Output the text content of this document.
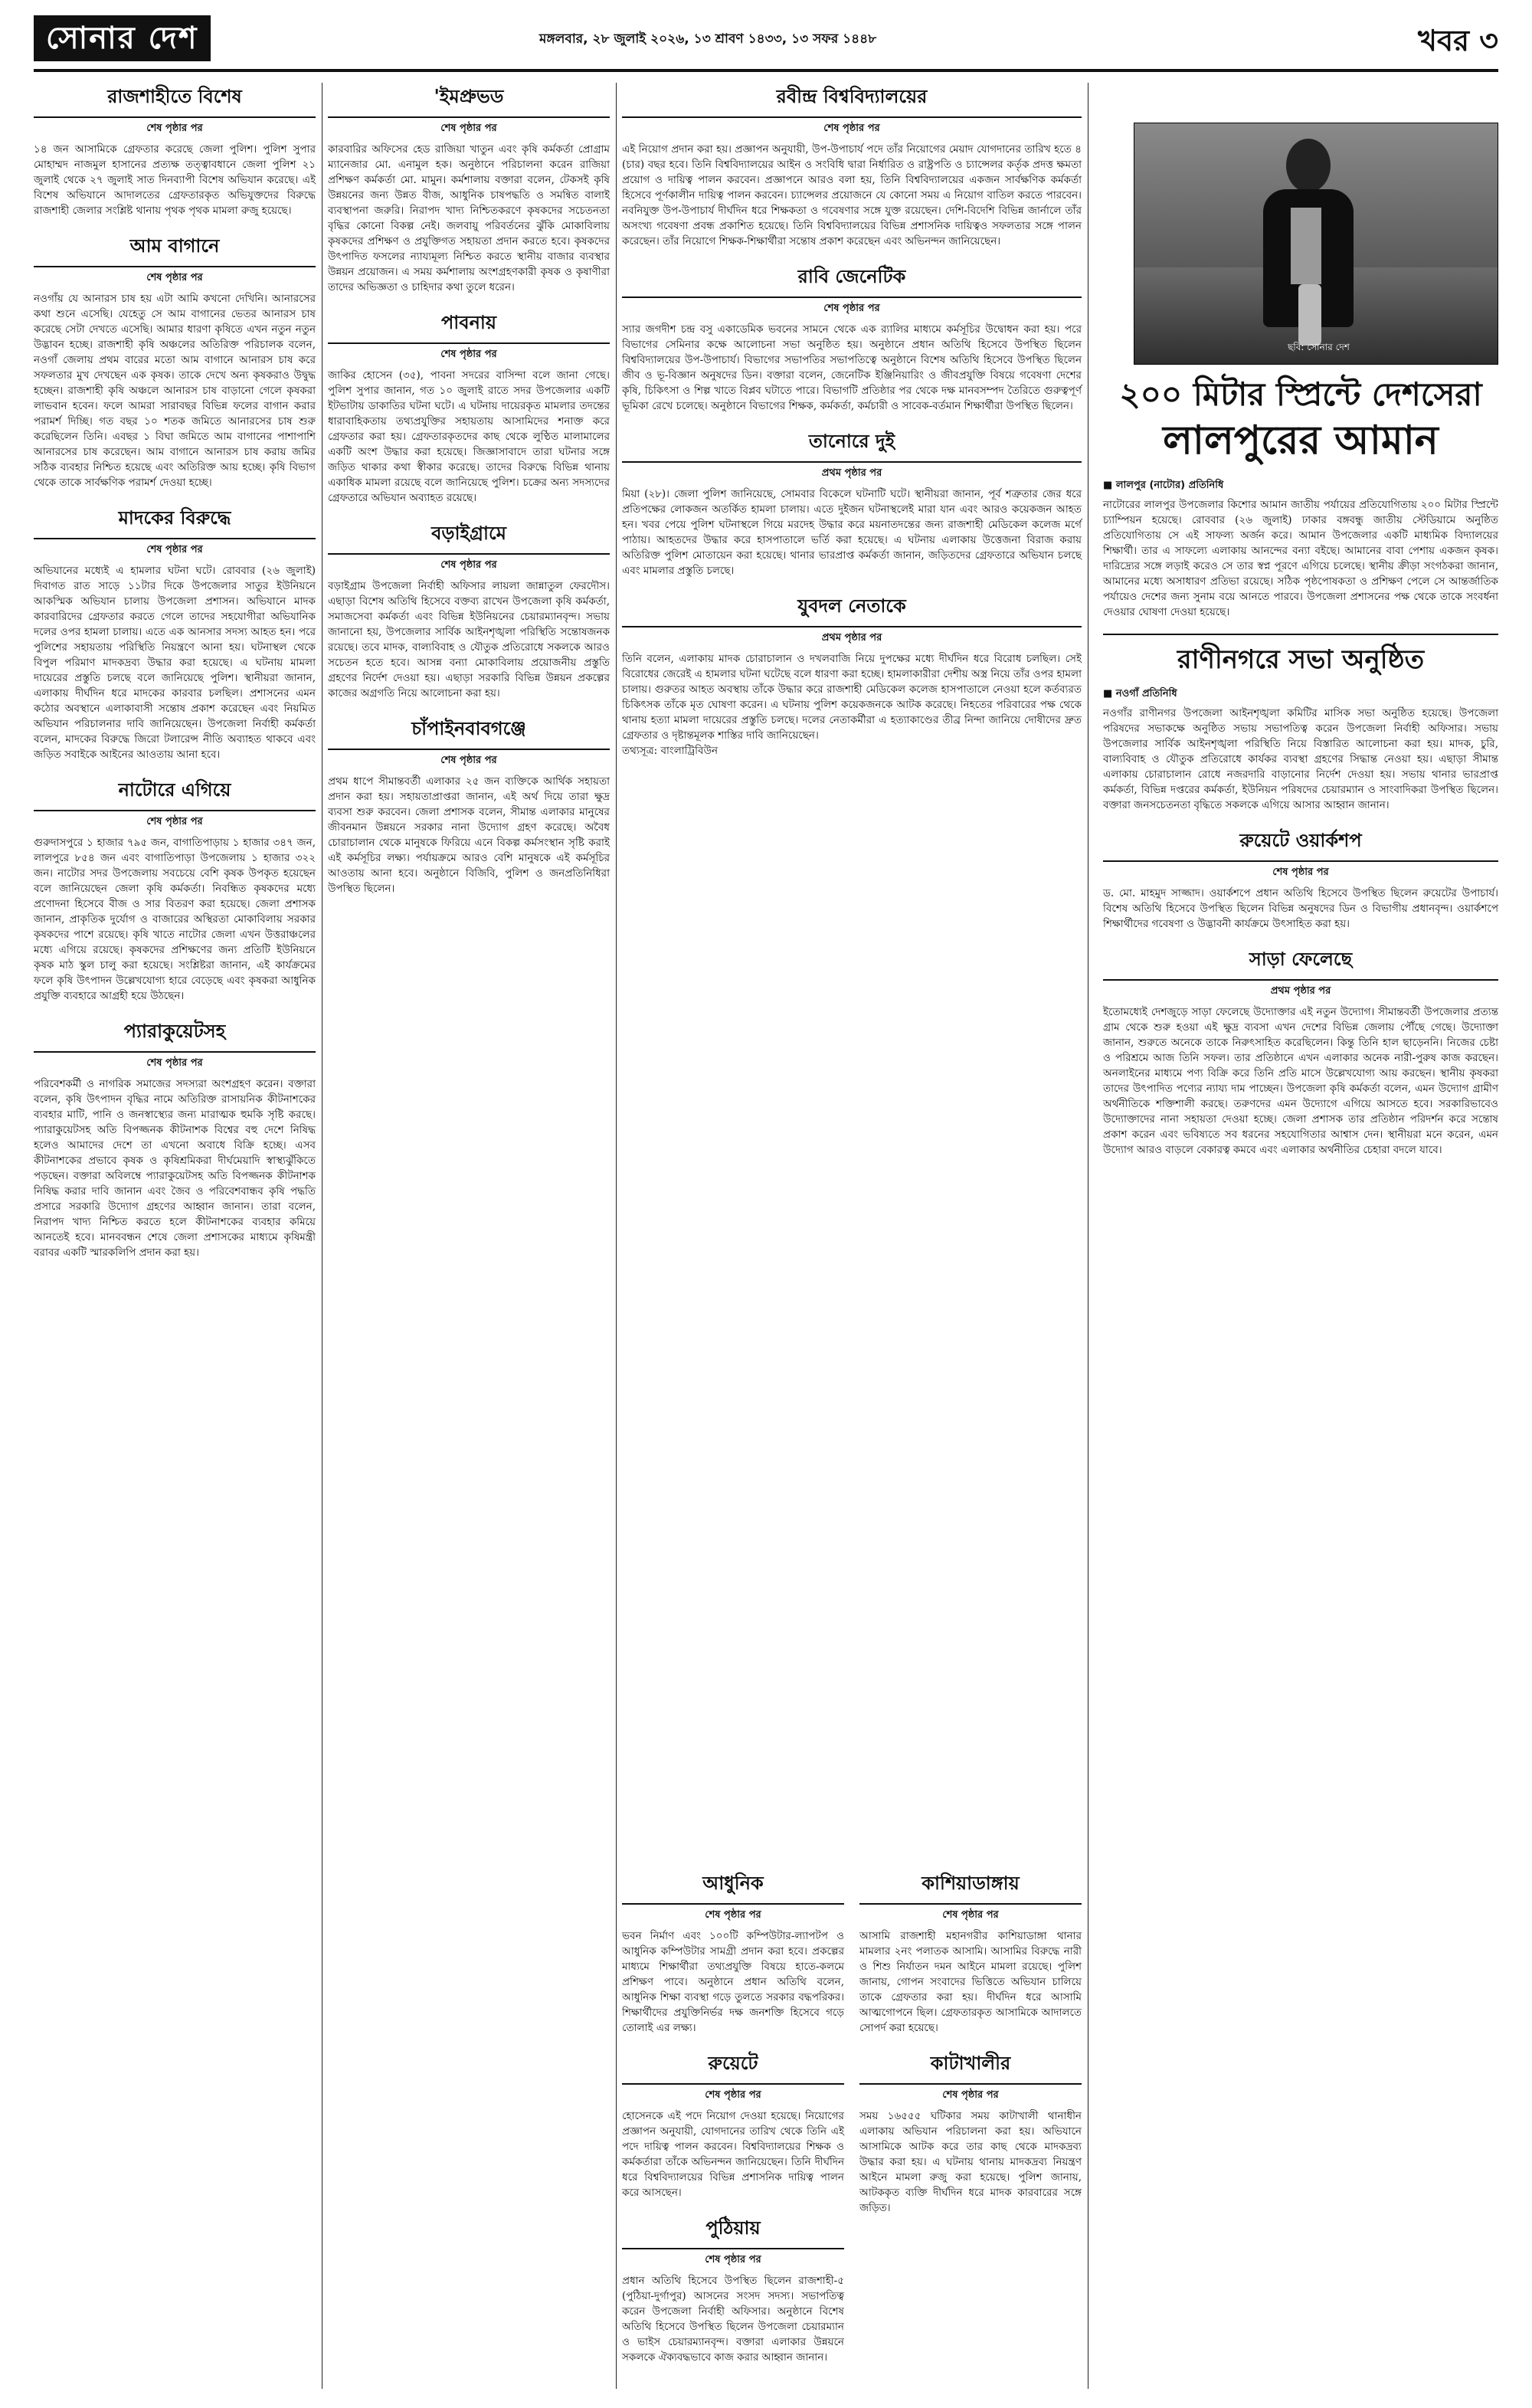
সোনার দেশ	মঙ্গলবার, ২৮ জুলাই ২০২৬, ১৩ শ্রাবণ ১৪৩৩, ১৩ সফর ১৪৪৮	খবর ৩
রাজশাহীতে বিশেষ
শেষ পৃষ্ঠার পর
১৪ জন আসামিকে গ্রেফতার করেছে জেলা পুলিশ। পুলিশ সুপার মোহাম্মদ নাজমুল হাসানের প্রত্যক্ষ তত্ত্বাবধানে জেলা পুলিশ ২১ জুলাই থেকে ২৭ জুলাই সাত দিনব্যাপী বিশেষ অভিযান করেছে। এই বিশেষ অভিযানে আদালতের গ্রেফতারকৃত অভিযুক্তদের বিরুদ্ধে রাজশাহী জেলার সংশ্লিষ্ট থানায় পৃথক পৃথক মামলা রুজু হয়েছে।
আম বাগানে
শেষ পৃষ্ঠার পর
নওগাঁয় যে আনারস চাষ হয় এটা আমি কখনো দেখিনি। আনারসের কথা শুনে এসেছি। যেহেতু সে আম বাগানের ভেতর আনারস চাষ করেছে সেটা দেখতে এসেছি। আমার ধারণা কৃষিতে এখন নতুন নতুন উদ্ভাবন হচ্ছে। রাজশাহী কৃষি অঞ্চলের অতিরিক্ত পরিচালক বলেন, নওগাঁ জেলায় প্রথম বারের মতো আম বাগানে আনারস চাষ করে সফলতার মুখ দেখছেন এক কৃষক। তাকে দেখে অন্য কৃষকরাও উদ্বুদ্ধ হচ্ছেন। রাজশাহী কৃষি অঞ্চলে আনারস চাষ বাড়ানো গেলে কৃষকরা লাভবান হবেন। ফলে আমরা সারাবছর বিভিন্ন ফলের বাগান করার পরামর্শ দিচ্ছি। গত বছর ১০ শতক জমিতে আনারসের চাষ শুরু করেছিলেন তিনি। এবছর ১ বিঘা জমিতে আম বাগানের পাশাপাশি আনারসের চাষ করেছেন। আম বাগানে আনারস চাষ করায় জমির সঠিক ব্যবহার নিশ্চিত হয়েছে এবং অতিরিক্ত আয় হচ্ছে। কৃষি বিভাগ থেকে তাকে সার্বক্ষণিক পরামর্শ দেওয়া হচ্ছে।
মাদকের বিরুদ্ধে
শেষ পৃষ্ঠার পর
অভিযানের মধ্যেই এ হামলার ঘটনা ঘটে। রোববার (২৬ জুলাই) দিবাগত রাত সাড়ে ১১টার দিকে উপজেলার সাতুর ইউনিয়নে আকস্মিক অভিযান চালায় উপজেলা প্রশাসন। অভিযানে মাদক কারবারিদের গ্রেফতার করতে গেলে তাদের সহযোগীরা অভিযানিক দলের ওপর হামলা চালায়। এতে এক আনসার সদস্য আহত হন। পরে পুলিশের সহায়তায় পরিস্থিতি নিয়ন্ত্রণে আনা হয়। ঘটনাস্থল থেকে বিপুল পরিমাণ মাদকদ্রব্য উদ্ধার করা হয়েছে। এ ঘটনায় মামলা দায়েরের প্রস্তুতি চলছে বলে জানিয়েছে পুলিশ। স্থানীয়রা জানান, এলাকায় দীর্ঘদিন ধরে মাদকের কারবার চলছিল। প্রশাসনের এমন কঠোর অবস্থানে এলাকাবাসী সন্তোষ প্রকাশ করেছেন এবং নিয়মিত অভিযান পরিচালনার দাবি জানিয়েছেন। উপজেলা নির্বাহী কর্মকর্তা বলেন, মাদকের বিরুদ্ধে জিরো টলারেন্স নীতি অব্যাহত থাকবে এবং জড়িত সবাইকে আইনের আওতায় আনা হবে।
নাটোরে এগিয়ে
শেষ পৃষ্ঠার পর
গুরুদাসপুরে ১ হাজার ৭৯৫ জন, বাগাতিপাড়ায় ১ হাজার ৩৪৭ জন, লালপুরে ৮৫৪ জন এবং বাগাতিপাড়া উপজেলায় ১ হাজার ৩২২ জন। নাটোর সদর উপজেলায় সবচেয়ে বেশি কৃষক উপকৃত হয়েছেন বলে জানিয়েছেন জেলা কৃষি কর্মকর্তা। নিবন্ধিত কৃষকদের মধ্যে প্রণোদনা হিসেবে বীজ ও সার বিতরণ করা হয়েছে। জেলা প্রশাসক জানান, প্রাকৃতিক দুর্যোগ ও বাজারের অস্থিরতা মোকাবিলায় সরকার কৃষকদের পাশে রয়েছে। কৃষি খাতে নাটোর জেলা এখন উত্তরাঞ্চলের মধ্যে এগিয়ে রয়েছে। কৃষকদের প্রশিক্ষণের জন্য প্রতিটি ইউনিয়নে কৃষক মাঠ স্কুল চালু করা হয়েছে। সংশ্লিষ্টরা জানান, এই কার্যক্রমের ফলে কৃষি উৎপাদন উল্লেখযোগ্য হারে বেড়েছে এবং কৃষকরা আধুনিক প্রযুক্তি ব্যবহারে আগ্রহী হয়ে উঠছেন।
প্যারাকুয়েটসহ
শেষ পৃষ্ঠার পর
পরিবেশকর্মী ও নাগরিক সমাজের সদস্যরা অংশগ্রহণ করেন। বক্তারা বলেন, কৃষি উৎপাদন বৃদ্ধির নামে অতিরিক্ত রাসায়নিক কীটনাশকের ব্যবহার মাটি, পানি ও জনস্বাস্থ্যের জন্য মারাত্মক হুমকি সৃষ্টি করছে। প্যারাকুয়েটসহ অতি বিপজ্জনক কীটনাশক বিশ্বের বহু দেশে নিষিদ্ধ হলেও আমাদের দেশে তা এখনো অবাধে বিক্রি হচ্ছে। এসব কীটনাশকের প্রভাবে কৃষক ও কৃষিশ্রমিকরা দীর্ঘমেয়াদি স্বাস্থ্যঝুঁকিতে পড়ছেন। বক্তারা অবিলম্বে প্যারাকুয়েটসহ অতি বিপজ্জনক কীটনাশক নিষিদ্ধ করার দাবি জানান এবং জৈব ও পরিবেশবান্ধব কৃষি পদ্ধতি প্রসারে সরকারি উদ্যোগ গ্রহণের আহ্বান জানান। তারা বলেন, নিরাপদ খাদ্য নিশ্চিত করতে হলে কীটনাশকের ব্যবহার কমিয়ে আনতেই হবে। মানববন্ধন শেষে জেলা প্রশাসকের মাধ্যমে কৃষিমন্ত্রী বরাবর একটি স্মারকলিপি প্রদান করা হয়।
'ইমপ্রুভড
শেষ পৃষ্ঠার পর
কারবারির অফিসের হেড রাজিয়া খাতুন এবং কৃষি কর্মকর্তা প্রোগ্রাম ম্যানেজার মো. এনামুল হক। অনুষ্ঠানে পরিচালনা করেন রাজিয়া প্রশিক্ষণ কর্মকর্তা মো. মামুন। কর্মশালায় বক্তারা বলেন, টেকসই কৃষি উন্নয়নের জন্য উন্নত বীজ, আধুনিক চাষপদ্ধতি ও সমন্বিত বালাই ব্যবস্থাপনা জরুরি। নিরাপদ খাদ্য নিশ্চিতকরণে কৃষকদের সচেতনতা বৃদ্ধির কোনো বিকল্প নেই। জলবায়ু পরিবর্তনের ঝুঁকি মোকাবিলায় কৃষকদের প্রশিক্ষণ ও প্রযুক্তিগত সহায়তা প্রদান করতে হবে। কৃষকদের উৎপাদিত ফসলের ন্যায্যমূল্য নিশ্চিত করতে স্থানীয় বাজার ব্যবস্থার উন্নয়ন প্রয়োজন। এ সময় কর্মশালায় অংশগ্রহণকারী কৃষক ও কৃষাণীরা তাদের অভিজ্ঞতা ও চাহিদার কথা তুলে ধরেন।
পাবনায়
শেষ পৃষ্ঠার পর
জাকির হোসেন (৩৫), পাবনা সদরের বাসিন্দা বলে জানা গেছে। পুলিশ সুপার জানান, গত ১০ জুলাই রাতে সদর উপজেলার একটি ইটভাটায় ডাকাতির ঘটনা ঘটে। এ ঘটনায় দায়েরকৃত মামলার তদন্তের ধারাবাহিকতায় তথ্যপ্রযুক্তির সহায়তায় আসামিদের শনাক্ত করে গ্রেফতার করা হয়। গ্রেফতারকৃতদের কাছ থেকে লুণ্ঠিত মালামালের একটি অংশ উদ্ধার করা হয়েছে। জিজ্ঞাসাবাদে তারা ঘটনার সঙ্গে জড়িত থাকার কথা স্বীকার করেছে। তাদের বিরুদ্ধে বিভিন্ন থানায় একাধিক মামলা রয়েছে বলে জানিয়েছে পুলিশ। চক্রের অন্য সদস্যদের গ্রেফতারে অভিযান অব্যাহত রয়েছে।
বড়াইগ্রামে
শেষ পৃষ্ঠার পর
বড়াইগ্রাম উপজেলা নির্বাহী অফিসার লায়লা জান্নাতুল ফেরদৌস। এছাড়া বিশেষ অতিথি হিসেবে বক্তব্য রাখেন উপজেলা কৃষি কর্মকর্তা, সমাজসেবা কর্মকর্তা এবং বিভিন্ন ইউনিয়নের চেয়ারম্যানবৃন্দ। সভায় জানানো হয়, উপজেলার সার্বিক আইনশৃঙ্খলা পরিস্থিতি সন্তোষজনক রয়েছে। তবে মাদক, বাল্যবিবাহ ও যৌতুক প্রতিরোধে সকলকে আরও সচেতন হতে হবে। আসন্ন বন্যা মোকাবিলায় প্রয়োজনীয় প্রস্তুতি গ্রহণের নির্দেশ দেওয়া হয়। এছাড়া সরকারি বিভিন্ন উন্নয়ন প্রকল্পের কাজের অগ্রগতি নিয়ে আলোচনা করা হয়।
চাঁপাইনবাবগঞ্জে
শেষ পৃষ্ঠার পর
প্রথম ধাপে সীমান্তবর্তী এলাকার ২৫ জন ব্যক্তিকে আর্থিক সহায়তা প্রদান করা হয়। সহায়তাপ্রাপ্তরা জানান, এই অর্থ দিয়ে তারা ক্ষুদ্র ব্যবসা শুরু করবেন। জেলা প্রশাসক বলেন, সীমান্ত এলাকার মানুষের জীবনমান উন্নয়নে সরকার নানা উদ্যোগ গ্রহণ করেছে। অবৈধ চোরাচালান থেকে মানুষকে ফিরিয়ে এনে বিকল্প কর্মসংস্থান সৃষ্টি করাই এই কর্মসূচির লক্ষ্য। পর্যায়ক্রমে আরও বেশি মানুষকে এই কর্মসূচির আওতায় আনা হবে। অনুষ্ঠানে বিজিবি, পুলিশ ও জনপ্রতিনিধিরা উপস্থিত ছিলেন।
রবীন্দ্র বিশ্ববিদ্যালয়ের
শেষ পৃষ্ঠার পর
এই নিয়োগ প্রদান করা হয়। প্রজ্ঞাপন অনুযায়ী, উপ-উপাচার্য পদে তাঁর নিয়োগের মেয়াদ যোগদানের তারিখ হতে ৪ (চার) বছর হবে। তিনি বিশ্ববিদ্যালয়ের আইন ও সংবিধি দ্বারা নির্ধারিত ও রাষ্ট্রপতি ও চ্যান্সেলর কর্তৃক প্রদত্ত ক্ষমতা প্রয়োগ ও দায়িত্ব পালন করবেন। প্রজ্ঞাপনে আরও বলা হয়, তিনি বিশ্ববিদ্যালয়ের একজন সার্বক্ষণিক কর্মকর্তা হিসেবে পূর্ণকালীন দায়িত্ব পালন করবেন। চ্যান্সেলর প্রয়োজনে যে কোনো সময় এ নিয়োগ বাতিল করতে পারবেন। নবনিযুক্ত উপ-উপাচার্য দীর্ঘদিন ধরে শিক্ষকতা ও গবেষণার সঙ্গে যুক্ত রয়েছেন। দেশি-বিদেশি বিভিন্ন জার্নালে তাঁর অসংখ্য গবেষণা প্রবন্ধ প্রকাশিত হয়েছে। তিনি বিশ্ববিদ্যালয়ের বিভিন্ন প্রশাসনিক দায়িত্বও সফলতার সঙ্গে পালন করেছেন। তাঁর নিয়োগে শিক্ষক-শিক্ষার্থীরা সন্তোষ প্রকাশ করেছেন এবং অভিনন্দন জানিয়েছেন।
রাবি জেনেটিক
শেষ পৃষ্ঠার পর
স্যার জগদীশ চন্দ্র বসু একাডেমিক ভবনের সামনে থেকে এক র‌্যালির মাধ্যমে কর্মসূচির উদ্বোধন করা হয়। পরে বিভাগের সেমিনার কক্ষে আলোচনা সভা অনুষ্ঠিত হয়। অনুষ্ঠানে প্রধান অতিথি হিসেবে উপস্থিত ছিলেন বিশ্ববিদ্যালয়ের উপ-উপাচার্য। বিভাগের সভাপতির সভাপতিত্বে অনুষ্ঠানে বিশেষ অতিথি হিসেবে উপস্থিত ছিলেন জীব ও ভূ-বিজ্ঞান অনুষদের ডিন। বক্তারা বলেন, জেনেটিক ইঞ্জিনিয়ারিং ও জীবপ্রযুক্তি বিষয়ে গবেষণা দেশের কৃষি, চিকিৎসা ও শিল্প খাতে বিপ্লব ঘটাতে পারে। বিভাগটি প্রতিষ্ঠার পর থেকে দক্ষ মানবসম্পদ তৈরিতে গুরুত্বপূর্ণ ভূমিকা রেখে চলেছে। অনুষ্ঠানে বিভাগের শিক্ষক, কর্মকর্তা, কর্মচারী ও সাবেক-বর্তমান শিক্ষার্থীরা উপস্থিত ছিলেন।
তানোরে দুই
প্রথম পৃষ্ঠার পর
মিয়া (২৮)। জেলা পুলিশ জানিয়েছে, সোমবার বিকেলে ঘটনাটি ঘটে। স্থানীয়রা জানান, পূর্ব শত্রুতার জের ধরে প্রতিপক্ষের লোকজন অতর্কিত হামলা চালায়। এতে দুইজন ঘটনাস্থলেই মারা যান এবং আরও কয়েকজন আহত হন। খবর পেয়ে পুলিশ ঘটনাস্থলে গিয়ে মরদেহ উদ্ধার করে ময়নাতদন্তের জন্য রাজশাহী মেডিকেল কলেজ মর্গে পাঠায়। আহতদের উদ্ধার করে হাসপাতালে ভর্তি করা হয়েছে। এ ঘটনায় এলাকায় উত্তেজনা বিরাজ করায় অতিরিক্ত পুলিশ মোতায়েন করা হয়েছে। থানার ভারপ্রাপ্ত কর্মকর্তা জানান, জড়িতদের গ্রেফতারে অভিযান চলছে এবং মামলার প্রস্তুতি চলছে।
যুবদল নেতাকে
প্রথম পৃষ্ঠার পর
তিনি বলেন, এলাকায় মাদক চোরাচালান ও দখলবাজি নিয়ে দুপক্ষের মধ্যে দীর্ঘদিন ধরে বিরোধ চলছিল। সেই বিরোধের জেরেই এ হামলার ঘটনা ঘটেছে বলে ধারণা করা হচ্ছে। হামলাকারীরা দেশীয় অস্ত্র নিয়ে তাঁর ওপর হামলা চালায়। গুরুতর আহত অবস্থায় তাঁকে উদ্ধার করে রাজশাহী মেডিকেল কলেজ হাসপাতালে নেওয়া হলে কর্তব্যরত চিকিৎসক তাঁকে মৃত ঘোষণা করেন। এ ঘটনায় পুলিশ কয়েকজনকে আটক করেছে। নিহতের পরিবারের পক্ষ থেকে থানায় হত্যা মামলা দায়েরের প্রস্তুতি চলছে। দলের নেতাকর্মীরা এ হত্যাকাণ্ডের তীব্র নিন্দা জানিয়ে দোষীদের দ্রুত গ্রেফতার ও দৃষ্টান্তমূলক শাস্তির দাবি জানিয়েছেন।
তথ্যসূত্র: বাংলাট্রিবিউন
ছবি: সোনার দেশ
২০০ মিটার স্প্রিন্টে দেশসেরা
লালপুরের আমান
■ লালপুর (নাটোর) প্রতিনিধি
নাটোরের লালপুর উপজেলার কিশোর আমান জাতীয় পর্যায়ের প্রতিযোগিতায় ২০০ মিটার স্প্রিন্টে চ্যাম্পিয়ন হয়েছে। রোববার (২৬ জুলাই) ঢাকার বঙ্গবন্ধু জাতীয় স্টেডিয়ামে অনুষ্ঠিত প্রতিযোগিতায় সে এই সাফল্য অর্জন করে। আমান উপজেলার একটি মাধ্যমিক বিদ্যালয়ের শিক্ষার্থী। তার এ সাফল্যে এলাকায় আনন্দের বন্যা বইছে। আমানের বাবা পেশায় একজন কৃষক। দারিদ্র্যের সঙ্গে লড়াই করেও সে তার স্বপ্ন পূরণে এগিয়ে চলেছে। স্থানীয় ক্রীড়া সংগঠকরা জানান, আমানের মধ্যে অসাধারণ প্রতিভা রয়েছে। সঠিক পৃষ্ঠপোষকতা ও প্রশিক্ষণ পেলে সে আন্তর্জাতিক পর্যায়েও দেশের জন্য সুনাম বয়ে আনতে পারবে। উপজেলা প্রশাসনের পক্ষ থেকে তাকে সংবর্ধনা দেওয়ার ঘোষণা দেওয়া হয়েছে।
রাণীনগরে সভা অনুষ্ঠিত
■ নওগাঁ প্রতিনিধি
নওগাঁর রাণীনগর উপজেলা আইনশৃঙ্খলা কমিটির মাসিক সভা অনুষ্ঠিত হয়েছে। উপজেলা পরিষদের সভাকক্ষে অনুষ্ঠিত সভায় সভাপতিত্ব করেন উপজেলা নির্বাহী অফিসার। সভায় উপজেলার সার্বিক আইনশৃঙ্খলা পরিস্থিতি নিয়ে বিস্তারিত আলোচনা করা হয়। মাদক, চুরি, বাল্যবিবাহ ও যৌতুক প্রতিরোধে কার্যকর ব্যবস্থা গ্রহণের সিদ্ধান্ত নেওয়া হয়। এছাড়া সীমান্ত এলাকায় চোরাচালান রোধে নজরদারি বাড়ানোর নির্দেশ দেওয়া হয়। সভায় থানার ভারপ্রাপ্ত কর্মকর্তা, বিভিন্ন দপ্তরের কর্মকর্তা, ইউনিয়ন পরিষদের চেয়ারম্যান ও সাংবাদিকরা উপস্থিত ছিলেন। বক্তারা জনসচেতনতা বৃদ্ধিতে সকলকে এগিয়ে আসার আহ্বান জানান।
রুয়েটে ওয়ার্কশপ
শেষ পৃষ্ঠার পর
ড. মো. মাহমুদ সাজ্জাদ। ওয়ার্কশপে প্রধান অতিথি হিসেবে উপস্থিত ছিলেন রুয়েটের উপাচার্য। বিশেষ অতিথি হিসেবে উপস্থিত ছিলেন বিভিন্ন অনুষদের ডিন ও বিভাগীয় প্রধানবৃন্দ। ওয়ার্কশপে শিক্ষার্থীদের গবেষণা ও উদ্ভাবনী কার্যক্রমে উৎসাহিত করা হয়।
সাড়া ফেলেছে
প্রথম পৃষ্ঠার পর
ইতোমধ্যেই দেশজুড়ে সাড়া ফেলেছে উদ্যোক্তার এই নতুন উদ্যোগ। সীমান্তবর্তী উপজেলার প্রত্যন্ত গ্রাম থেকে শুরু হওয়া এই ক্ষুদ্র ব্যবসা এখন দেশের বিভিন্ন জেলায় পৌঁছে গেছে। উদ্যোক্তা জানান, শুরুতে অনেকে তাকে নিরুৎসাহিত করেছিলেন। কিন্তু তিনি হাল ছাড়েননি। নিজের চেষ্টা ও পরিশ্রমে আজ তিনি সফল। তার প্রতিষ্ঠানে এখন এলাকার অনেক নারী-পুরুষ কাজ করছেন। অনলাইনের মাধ্যমে পণ্য বিক্রি করে তিনি প্রতি মাসে উল্লেখযোগ্য আয় করছেন। স্থানীয় কৃষকরা তাদের উৎপাদিত পণ্যের ন্যায্য দাম পাচ্ছেন। উপজেলা কৃষি কর্মকর্তা বলেন, এমন উদ্যোগ গ্রামীণ অর্থনীতিকে শক্তিশালী করছে। তরুণদের এমন উদ্যোগে এগিয়ে আসতে হবে। সরকারিভাবেও উদ্যোক্তাদের নানা সহায়তা দেওয়া হচ্ছে। জেলা প্রশাসক তার প্রতিষ্ঠান পরিদর্শন করে সন্তোষ প্রকাশ করেন এবং ভবিষ্যতে সব ধরনের সহযোগিতার আশ্বাস দেন। স্থানীয়রা মনে করেন, এমন উদ্যোগ আরও বাড়লে বেকারত্ব কমবে এবং এলাকার অর্থনীতির চেহারা বদলে যাবে।
কাশিয়াডাঙ্গায়
শেষ পৃষ্ঠার পর
আসামি রাজশাহী মহানগরীর কাশিয়াডাঙ্গা থানার মামলার ২নং পলাতক আসামি। আসামির বিরুদ্ধে নারী ও শিশু নির্যাতন দমন আইনে মামলা রয়েছে। পুলিশ জানায়, গোপন সংবাদের ভিত্তিতে অভিযান চালিয়ে তাকে গ্রেফতার করা হয়। দীর্ঘদিন ধরে আসামি আত্মগোপনে ছিল। গ্রেফতারকৃত আসামিকে আদালতে সোপর্দ করা হয়েছে।
কাটাখালীর
শেষ পৃষ্ঠার পর
সময় ১৬৫৫৫ ঘটিকার সময় কাটাখালী থানাধীন এলাকায় অভিযান পরিচালনা করা হয়। অভিযানে আসামিকে আটক করে তার কাছ থেকে মাদকদ্রব্য উদ্ধার করা হয়। এ ঘটনায় থানায় মাদকদ্রব্য নিয়ন্ত্রণ আইনে মামলা রুজু করা হয়েছে। পুলিশ জানায়, আটককৃত ব্যক্তি দীর্ঘদিন ধরে মাদক কারবারের সঙ্গে জড়িত।
আধুনিক
শেষ পৃষ্ঠার পর
ভবন নির্মাণ এবং ১০০টি কম্পিউটার-ল্যাপটপ ও আধুনিক কম্পিউটার সামগ্রী প্রদান করা হবে। প্রকল্পের মাধ্যমে শিক্ষার্থীরা তথ্যপ্রযুক্তি বিষয়ে হাতে-কলমে প্রশিক্ষণ পাবে। অনুষ্ঠানে প্রধান অতিথি বলেন, আধুনিক শিক্ষা ব্যবস্থা গড়ে তুলতে সরকার বদ্ধপরিকর। শিক্ষার্থীদের প্রযুক্তিনির্ভর দক্ষ জনশক্তি হিসেবে গড়ে তোলাই এর লক্ষ্য।
রুয়েটে
শেষ পৃষ্ঠার পর
হোসেনকে এই পদে নিয়োগ দেওয়া হয়েছে। নিয়োগের প্রজ্ঞাপন অনুযায়ী, যোগদানের তারিখ থেকে তিনি এই পদে দায়িত্ব পালন করবেন। বিশ্ববিদ্যালয়ের শিক্ষক ও কর্মকর্তারা তাঁকে অভিনন্দন জানিয়েছেন। তিনি দীর্ঘদিন ধরে বিশ্ববিদ্যালয়ের বিভিন্ন প্রশাসনিক দায়িত্ব পালন করে আসছেন।
পুঠিয়ায়
শেষ পৃষ্ঠার পর
প্রধান অতিথি হিসেবে উপস্থিত ছিলেন রাজশাহী-৫ (পুঠিয়া-দুর্গাপুর) আসনের সংসদ সদস্য। সভাপতিত্ব করেন উপজেলা নির্বাহী অফিসার। অনুষ্ঠানে বিশেষ অতিথি হিসেবে উপস্থিত ছিলেন উপজেলা চেয়ারম্যান ও ভাইস চেয়ারম্যানবৃন্দ। বক্তারা এলাকার উন্নয়নে সকলকে ঐক্যবদ্ধভাবে কাজ করার আহ্বান জানান।
